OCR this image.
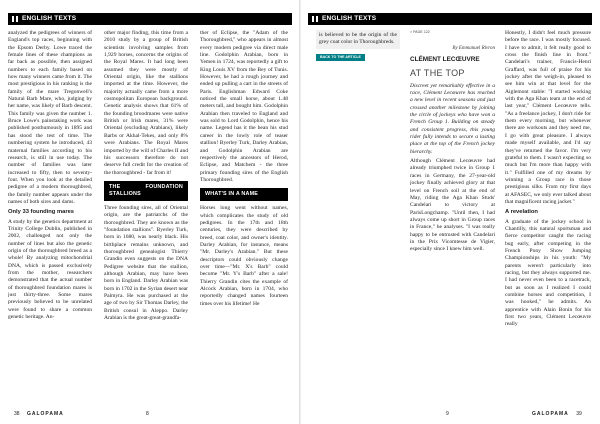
ENGLISH TEXTS

analyzed the pedigrees of winners of England's top races, beginning with the Epsom Derby. Lowe traced the female lines of these champions as far back as possible, then assigned numbers to each family based on how many winners came from it. The most prestigious in his ranking is the family of the mare Tregonwell's Natural Barb Mare, who, judging by her name, was likely of Barb descent. This family was given the number 1. Bruce Lowe's painstaking work was published posthumously in 1895 and has stood the test of time. The numbering system he introduced, 43 maternal families according to his research, is still in use today. The number of families was later increased to fifty, then to seventy-four. When you look at the detailed pedigree of a modern thoroughbred, the family number appears under the names of both sires and dams.

Only 33 founding mares

A study by the genetics department at Trinity College Dublin, published in 2002, challenged not only the number of lines but also the genetic origin of the thoroughbred breed as a whole! By analyzing mitochondrial DNA, which is passed exclusively from the mother, researchers demonstrated that the actual number of thoroughbred foundation mares is just thirty-three. Some mares previously believed to be unrelated were found to share a common genetic heritage. An-

other major finding, this time from a 2010 study by a group of British scientists involving samples from 1,929 horses, concerns the origins of the Royal Mares. It had long been assumed they were mostly of Oriental origin, like the stallions imported at the time. However, the majority actually came from a more cosmopolitan European background. Genetic analysis shows that 61% of the founding broodmares were native British or Irish mares, 31% were Oriental (excluding Arabians), likely Barbs or Akhal-Tekes, and only 8% were Arabians. The Royal Mares imported by the will of Charles II and his successors therefore do not deserve full credit for the creation of the thoroughbred - far from it!

THE FOUNDATION STALLIONS

Three founding sires, all of Oriental origin, are the patriarchs of the thoroughbred. They are known as the "foundation stallions". Byerley Turk, born in 1680, was nearly black. His birthplace remains unknown, and thoroughbred genealogist Thierry Grandin even suggests on the DNA Pedigree website that the stallion, although Arabian, may have been born in England. Darley Arabian was born in 1702 in the Syrian desert near Palmyra. He was purchased at the age of two by Sir Thomas Darley, the British consul in Aleppo. Darley Arabian is the great-great-grandfa-

ther of Eclipse, the "Adam of the Thoroughbred," who appears in almost every modern pedigree via direct male line. Godolphin Arabian, born in Yemen in 1724, was reportedly a gift to King Louis XV from the Bey of Tunis. However, he had a rough journey and ended up pulling a cart in the streets of Paris. Englishman Edward Coke noticed the small horse, about 1.48 meters tall, and bought him. Godolphin Arabian then traveled to England and was sold to Lord Godolphin, hence his name. Legend has it the bean his stud career in the lowly role of teaser stallion! Byerley Turk, Darley Arabian, and Godolphin Arabian are respectively the ancestors of Herod, Eclipse, and Matchem - the three primary founding sires of the English Thoroughbred.

WHAT'S IN A NAME

Horses long went without names, which complicates the study of old pedigrees. In the 17th and 18th centuries, they were described by breed, coat color, and owner's identity. Darley Arabian, for instance, means "Mr. Darley's Arabian." But these descriptors could obviously change over time—"Mr. X's Barb" could become "Mr. Y's Barb" after a sale! Thierry Grandin cites the example of Alcock Arabian, born in 1704, who reportedly changed names fourteen times over his lifetime! He

38 GALOPAMA	8
ENGLISH TEXTS

is believed to be the origin of the grey coat color in Thoroughbreds.

BACK TO THE ARTICLE
> PAGE 122
By Emmanuel Rivron
CLÉMENT LECŒUVRE
AT THE TOP

Discreet yet remarkably effective in a race, Clément Lecœuvre has reached a new level in recent seasons and just crossed another milestone by joining the circle of jockeys who have won a French Group 1. Building on steady and consistent progress, this young rider fully intends to secure a lasting place at the top of the French jockey hierarchy.

Although Clément Lecœuvre had already triumphed twice in Group 1 races in Germany, the 27-year-old jockey finally achieved glory at that level on French soil at the end of May, riding the Aga Khan Studs' Candelari to victory at ParisLongchamp. "Until then, I had always come up short in Group races in France," he analyses. "I was really happy to be entrusted with Candelari in the Prix Vicomtesse de Vigier, especially since I knew him well.

Honestly, I didn't feel much pressure before the race. I was mostly focused. I have to admit, it felt really good to cross the finish line in front." Candelari's trainer, Francis-Henri Graffard, was full of praise for his jockey after the weigh-in, pleased to see him win at that level for the Aiglemont stable: "I started working with the Aga Khan team at the end of last year," Clément Lecœuvre tells. "As a freelance jockey, I don't ride for them every morning, but whenever there are workouts and they need me, I go with great pleasure. I always made myself available, and I'd say they've returned the favor. I'm very grateful to them. I wasn't expecting so much but I'm more than happy with it." Fulfilled one of my dreams by winning a Group race in those prestigious silks. From my first days at AFASEC, we only ever talked about that magnificent racing jacket."

A revelation

A graduate of the jockey school in Chantilly, this natural sportsman and fierce competitor caught the racing bug early, after competing in the French Pony Show Jumping Championships in his youth: "My parents weren't particularly into racing, but they always supported me. I had never even been to a racetrack, but as soon as I realized I could combine horses and competition, I was hooked," he admits. An apprentice with Alain Bonin for his first two years, Clément Lecœuvre really

9	GALOPAMA 39
